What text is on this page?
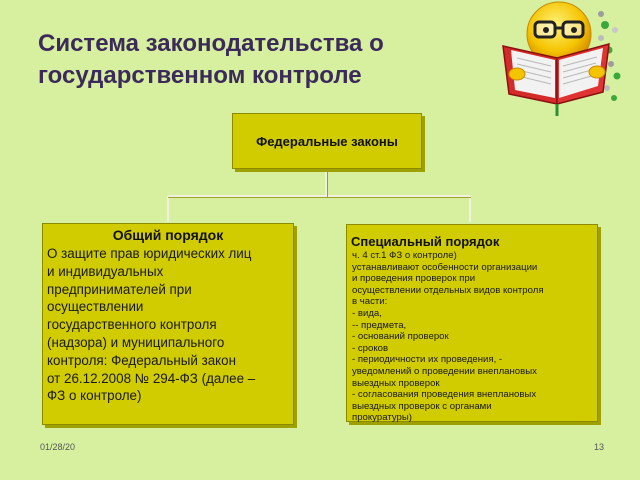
Система законодательства о
государственном контроле
Федеральные законы
Общий порядок
О защите прав юридических лиц
и индивидуальных
предпринимателей при
осуществлении
государственного контроля
(надзора) и муниципального
контроля: Федеральный закон
от 26.12.2008 № 294-ФЗ (далее –
ФЗ о контроле)
Специальный порядок
ч. 4 ст.1 ФЗ о контроле)
устанавливают особенности организации
и проведения проверок при
осуществлении отдельных видов контроля
в части:
- вида,
-- предмета,
- оснований проверок
- сроков
- периодичности их проведения, -
уведомлений о проведении внеплановых
выездных проверок
- согласования проведения внеплановых
выездных проверок с органами
прокуратуры)
01/28/20	13
